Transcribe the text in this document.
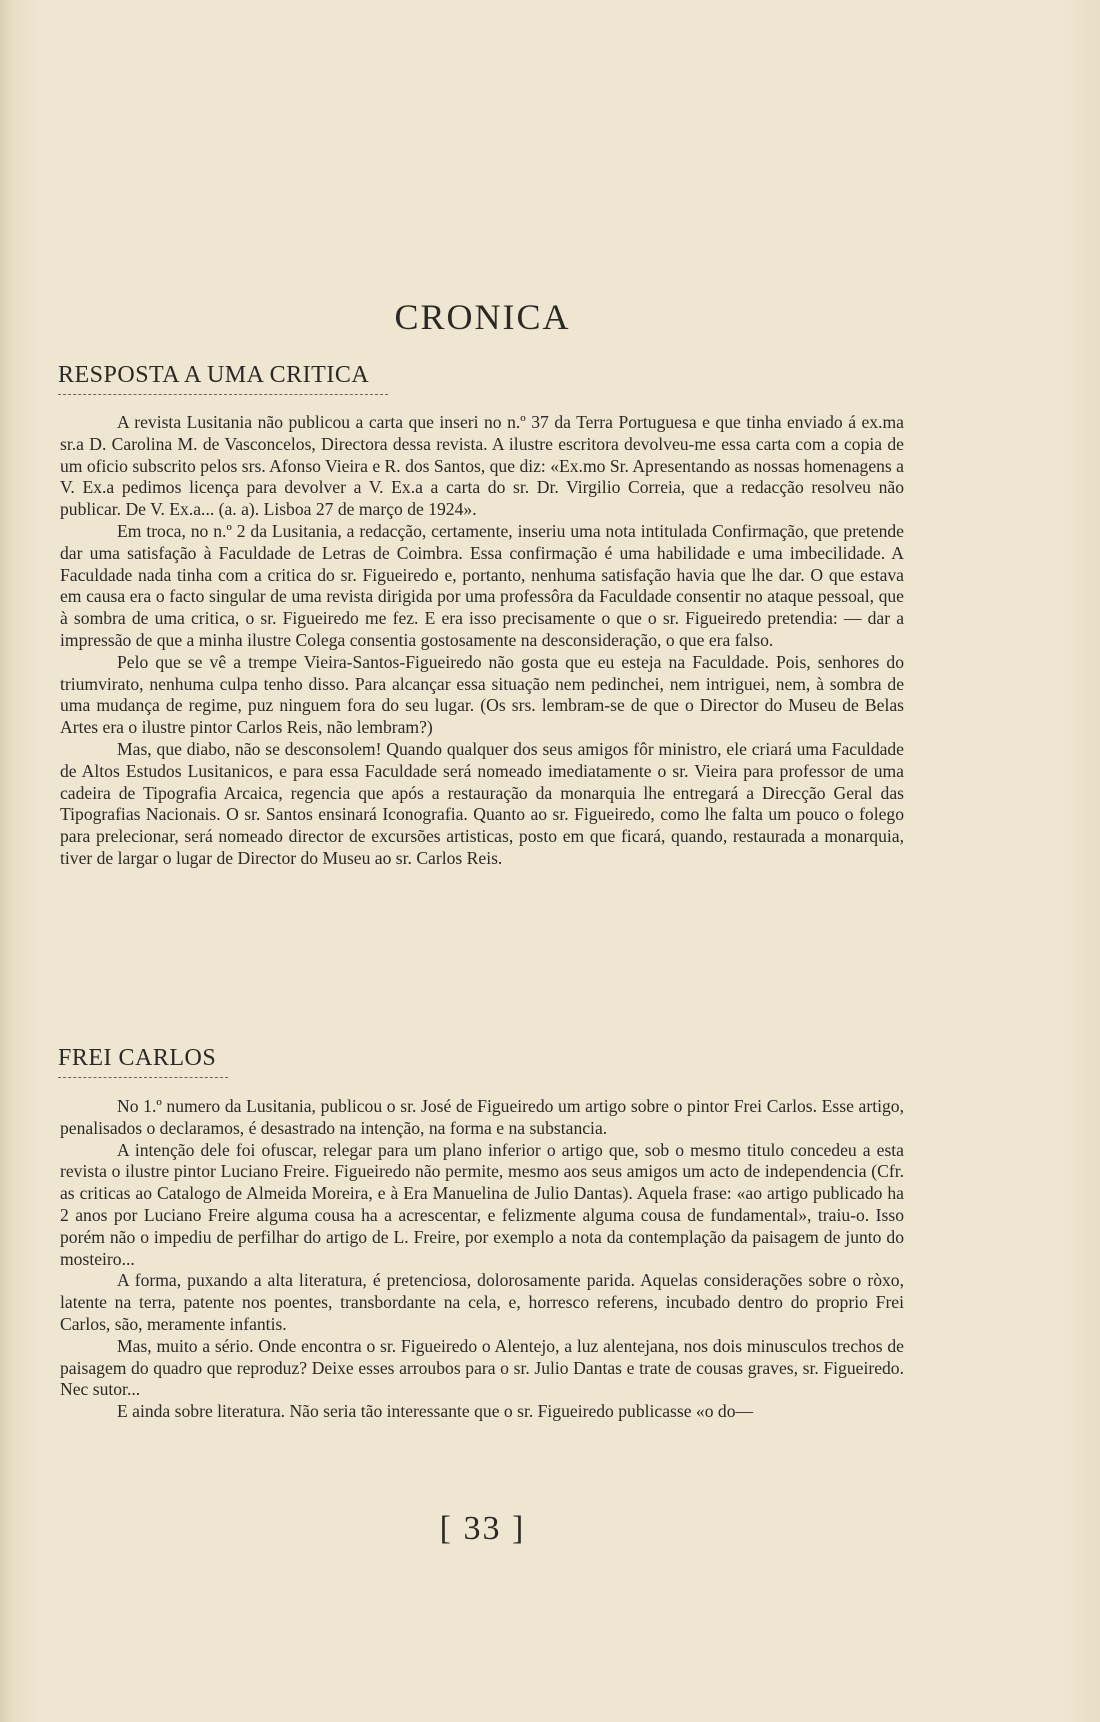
CRONICA
RESPOSTA A UMA CRITICA

A revista Lusitania não publicou a carta que inseri no n.º 37 da Terra Portuguesa e que tinha enviado á ex.ma sr.a D. Carolina M. de Vasconcelos, Directora dessa revista. A ilustre escritora devolveu-me essa carta com a copia de um oficio subscrito pelos srs. Afonso Vieira e R. dos Santos, que diz: «Ex.mo Sr. Apresentando as nossas homenagens a V. Ex.a pedimos licença para devolver a V. Ex.a a carta do sr. Dr. Virgilio Correia, que a redacção resolveu não publicar. De V. Ex.a... (a. a). Lisboa 27 de março de 1924».

Em troca, no n.º 2 da Lusitania, a redacção, certamente, inseriu uma nota intitulada Confirmação, que pretende dar uma satisfação à Faculdade de Letras de Coimbra. Essa confirmação é uma habilidade e uma imbecilidade. A Faculdade nada tinha com a critica do sr. Figueiredo e, portanto, nenhuma satisfação havia que lhe dar. O que estava em causa era o facto singular de uma revista dirigida por uma professôra da Faculdade consentir no ataque pessoal, que à sombra de uma critica, o sr. Figueiredo me fez. E era isso precisamente o que o sr. Figueiredo pretendia: — dar a impressão de que a minha ilustre Colega consentia gostosamente na desconsideração, o que era falso.

Pelo que se vê a trempe Vieira-Santos-Figueiredo não gosta que eu esteja na Faculdade. Pois, senhores do triumvirato, nenhuma culpa tenho disso. Para alcançar essa situação nem pedinchei, nem intriguei, nem, à sombra de uma mudança de regime, puz ninguem fora do seu lugar. (Os srs. lembram-se de que o Director do Museu de Belas Artes era o ilustre pintor Carlos Reis, não lembram?)

Mas, que diabo, não se desconsolem! Quando qualquer dos seus amigos fôr ministro, ele criará uma Faculdade de Altos Estudos Lusitanicos, e para essa Faculdade será nomeado imediatamente o sr. Vieira para professor de uma cadeira de Tipografia Arcaica, regencia que após a restauração da monarquia lhe entregará a Direcção Geral das Tipografias Nacionais. O sr. Santos ensinará Iconografia. Quanto ao sr. Figueiredo, como lhe falta um pouco o folego para prelecionar, será nomeado director de excursões artisticas, posto em que ficará, quando, restaurada a monarquia, tiver de largar o lugar de Director do Museu ao sr. Carlos Reis.

FREI CARLOS

No 1.º numero da Lusitania, publicou o sr. José de Figueiredo um artigo sobre o pintor Frei Carlos. Esse artigo, penalisados o declaramos, é desastrado na intenção, na forma e na substancia.

A intenção dele foi ofuscar, relegar para um plano inferior o artigo que, sob o mesmo titulo concedeu a esta revista o ilustre pintor Luciano Freire. Figueiredo não permite, mesmo aos seus amigos um acto de independencia (Cfr. as criticas ao Catalogo de Almeida Moreira, e à Era Manuelina de Julio Dantas). Aquela frase: «ao artigo publicado ha 2 anos por Luciano Freire alguma cousa ha a acrescentar, e felizmente alguma cousa de fundamental», traiu-o. Isso porém não o impediu de perfilhar do artigo de L. Freire, por exemplo a nota da contemplação da paisagem de junto do mosteiro...

A forma, puxando a alta literatura, é pretenciosa, dolorosamente parida. Aquelas considerações sobre o ròxo, latente na terra, patente nos poentes, transbordante na cela, e, horresco referens, incubado dentro do proprio Frei Carlos, são, meramente infantis.

Mas, muito a sério. Onde encontra o sr. Figueiredo o Alentejo, a luz alentejana, nos dois minusculos trechos de paisagem do quadro que reproduz? Deixe esses arroubos para o sr. Julio Dantas e trate de cousas graves, sr. Figueiredo. Nec sutor...

E ainda sobre literatura. Não seria tão interessante que o sr. Figueiredo publicasse «o do—

[ 33 ]
